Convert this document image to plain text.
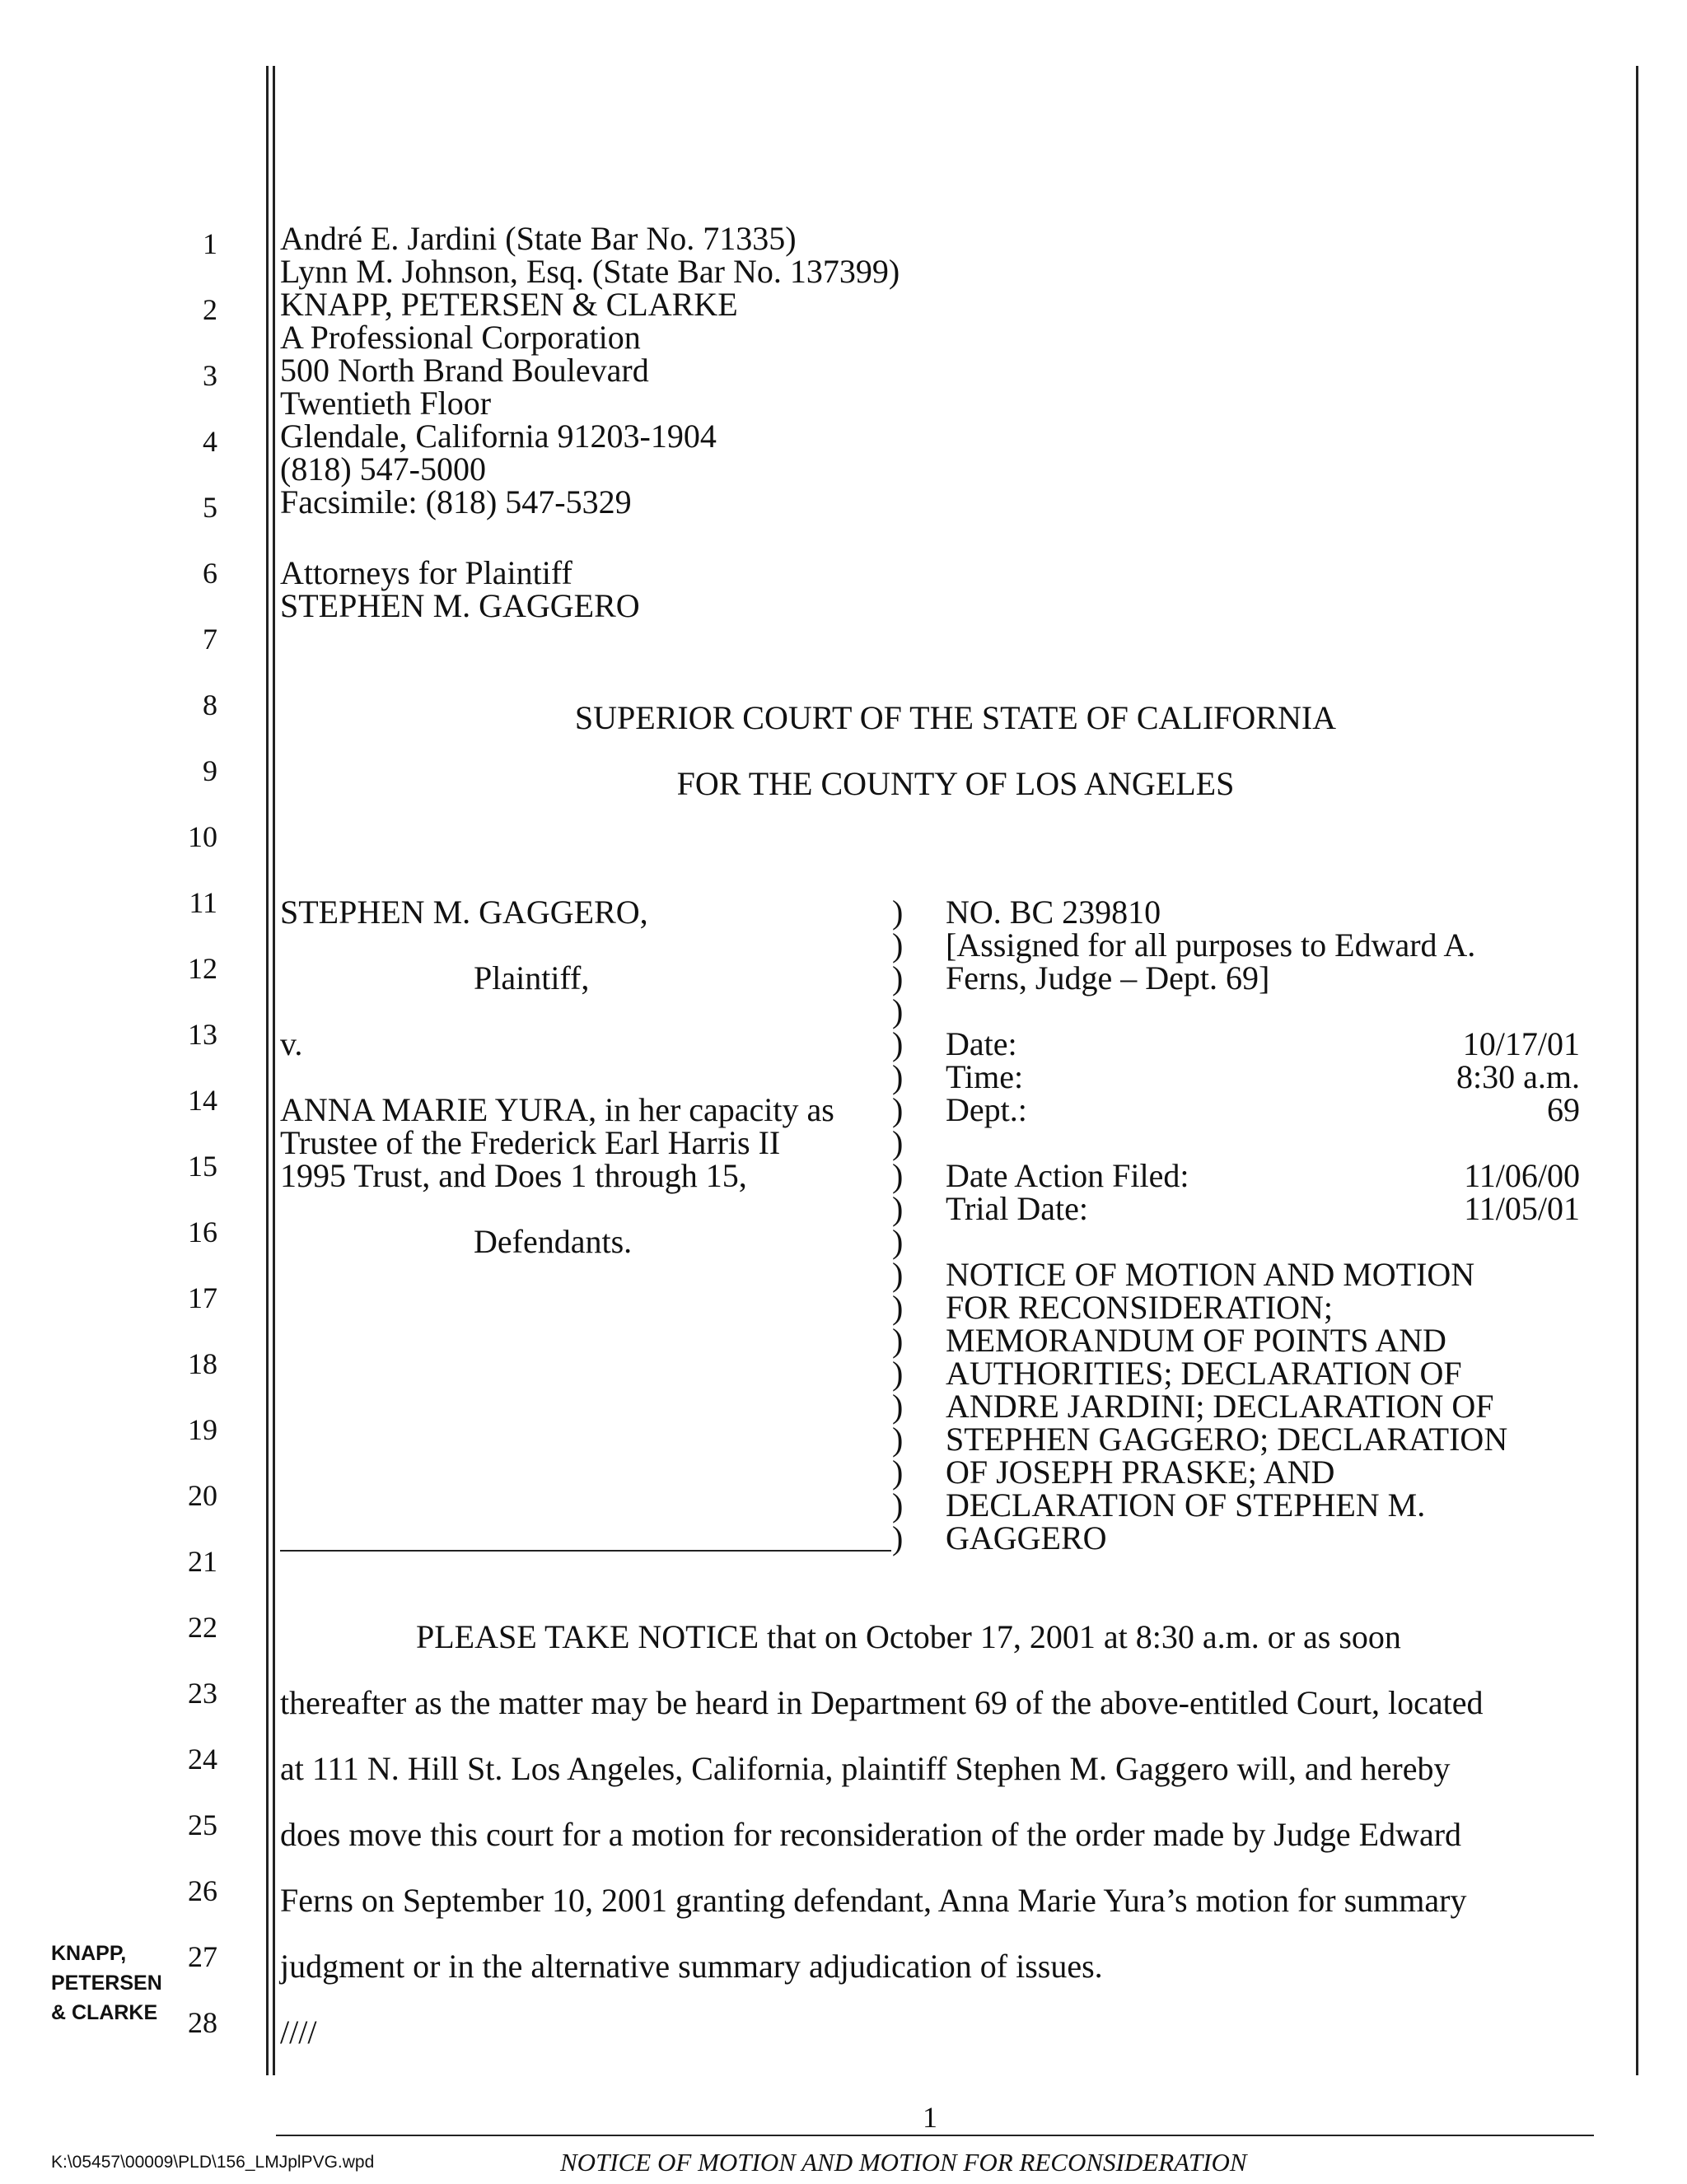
1
2
3
4
5
6
7
8
9
10
11
12
13
14
15
16
17
18
19
20
21
22
23
24
25
26
27
28
André E. Jardini (State Bar No. 71335)
Lynn M. Johnson, Esq. (State Bar No. 137399)
KNAPP, PETERSEN & CLARKE
A Professional Corporation
500 North Brand Boulevard
Twentieth Floor
Glendale, California 91203-1904
(818) 547-5000
Facsimile: (818) 547-5329
Attorneys for Plaintiff
STEPHEN M. GAGGERO
SUPERIOR COURT OF THE STATE OF CALIFORNIA
FOR THE COUNTY OF LOS ANGELES
STEPHEN M. GAGGERO,
Plaintiff,
v.
ANNA MARIE YURA, in her capacity as
Trustee of the Frederick Earl Harris II
1995 Trust, and Does 1 through 15,
Defendants.
)
)
)
)
)
)
)
)
)
)
)
)
)
)
)
)
)
)
)
)
NO. BC 239810
[Assigned for all purposes to Edward A.
Ferns, Judge – Dept. 69]
Date:	10/17/01
Time:	8:30 a.m.
Dept.:	69
Date Action Filed:	11/06/00
Trial Date:	11/05/01
NOTICE OF MOTION AND MOTION
FOR RECONSIDERATION;
MEMORANDUM OF POINTS AND
AUTHORITIES; DECLARATION OF
ANDRE JARDINI; DECLARATION OF
STEPHEN GAGGERO; DECLARATION
OF JOSEPH PRASKE; AND
DECLARATION OF STEPHEN M.
GAGGERO
PLEASE TAKE NOTICE that on October 17, 2001 at 8:30 a.m. or as soon
thereafter as the matter may be heard in Department 69 of the above-entitled Court, located
at 111 N. Hill St. Los Angeles, California, plaintiff Stephen M. Gaggero will, and hereby
does move this court for a motion for reconsideration of the order made by Judge Edward
Ferns on September 10, 2001 granting defendant, Anna Marie Yura’s motion for summary
judgment or in the alternative summary adjudication of issues.
////
KNAPP,
PETERSEN
& CLARKE
1
K:\05457\00009\PLD\156_LMJplPVG.wpd	NOTICE OF MOTION AND MOTION FOR RECONSIDERATION
